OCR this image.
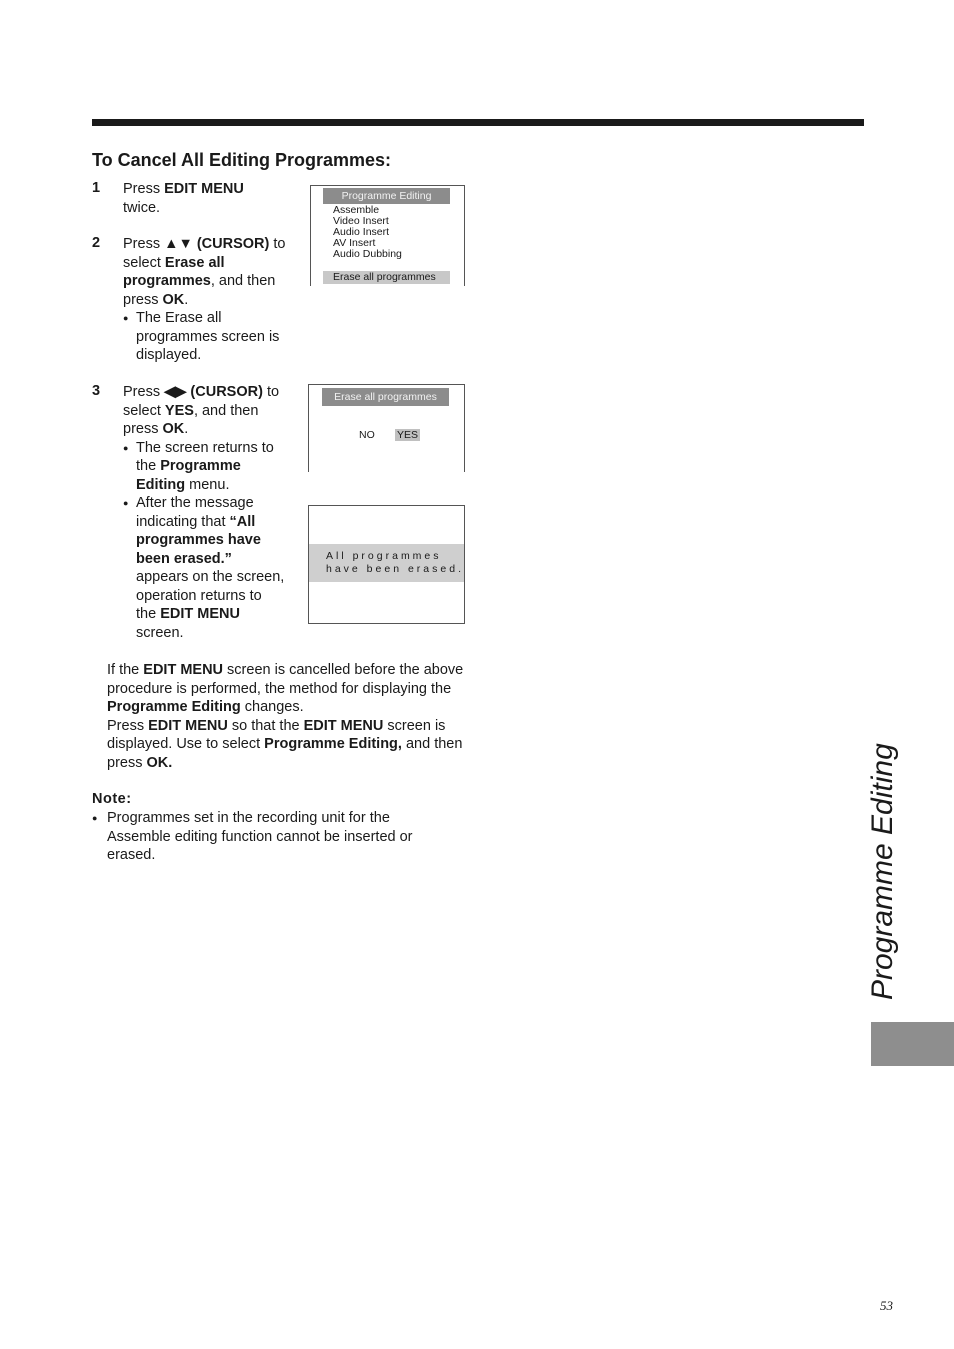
To Cancel All Editing Programmes:
1 Press EDIT MENU twice.
2 Press ▲▼ (CURSOR) to select Erase all programmes, and then press OK.
● The Erase all programmes screen is displayed.
3 Press ◀▶ (CURSOR) to select YES, and then press OK.
● The screen returns to the Programme Editing menu.
● After the message indicating that “All programmes have been erased.” appears on the screen, operation returns to the EDIT MENU screen.
Programme Editing
Assemble
Video Insert
Audio Insert
AV Insert
Audio Dubbing
Erase all programmes
Erase all programmes
NO YES
All programmes
have been erased.
If the EDIT MENU screen is cancelled before the above procedure is performed, the method for displaying the Programme Editing changes.
Press EDIT MENU so that the EDIT MENU screen is displayed. Use to select Programme Editing, and then press OK.
Note:
● Programmes set in the recording unit for the Assemble editing function cannot be inserted or erased.	Programme Editing
53
